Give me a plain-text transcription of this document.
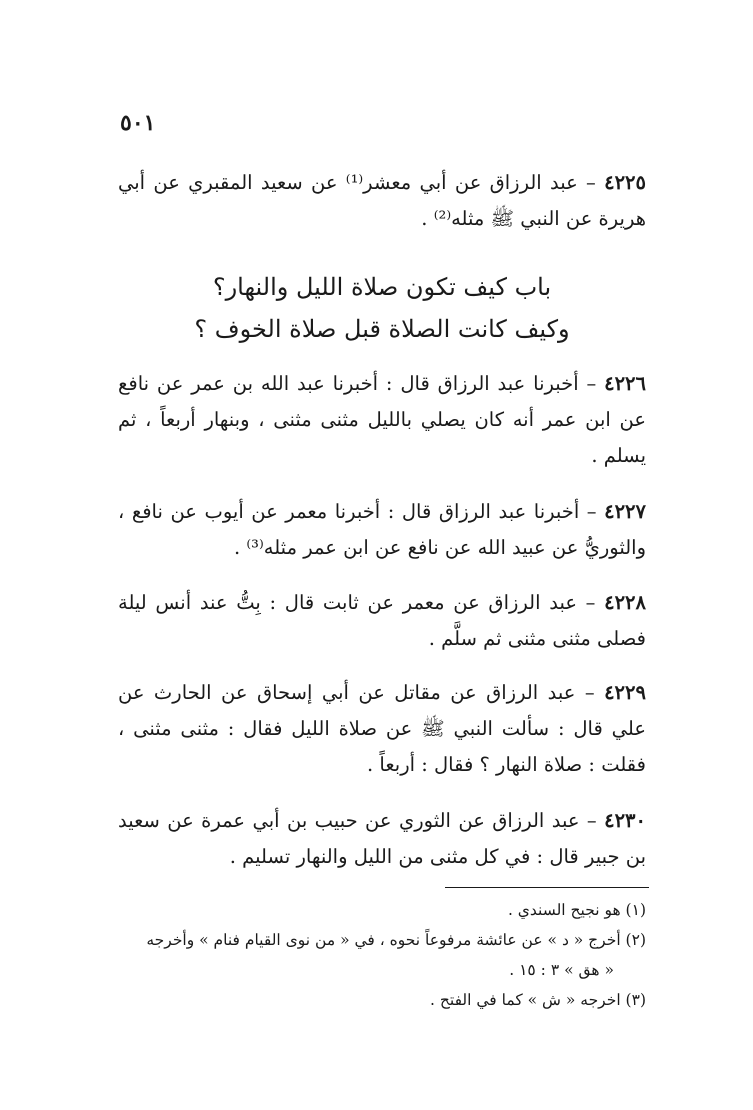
٥٠١
٤٢٢٥ – عبد الرزاق عن أبي معشر⁽¹⁾ عن سعيد المقبري عن أبي هريرة عن النبي ﷺ مثله⁽²⁾ .
باب كيف تكون صلاة الليل والنهار؟
وكيف كانت الصلاة قبل صلاة الخوف ؟
٤٢٢٦ – أخبرنا عبد الرزاق قال : أخبرنا عبد الله بن عمر عن نافع عن ابن عمر أنه كان يصلي بالليل مثنى مثنى ، وبنهار أربعاً ، ثم يسلم .
٤٢٢٧ – أخبرنا عبد الرزاق قال : أخبرنا معمر عن أيوب عن نافع ، والثوريُّ عن عبيد الله عن نافع عن ابن عمر مثله⁽³⁾ .
٤٢٢٨ – عبد الرزاق عن معمر عن ثابت قال : بِتُّ عند أنس ليلة فصلى مثنى مثنى ثم سلَّم .
٤٢٢٩ – عبد الرزاق عن مقاتل عن أبي إسحاق عن الحارث عن علي قال : سألت النبي ﷺ عن صلاة الليل فقال : مثنى مثنى ، فقلت : صلاة النهار ؟ فقال : أربعاً .
٤٢٣٠ – عبد الرزاق عن الثوري عن حبيب بن أبي عمرة عن سعيد بن جبير قال : في كل مثنى من الليل والنهار تسليم .
(١) هو نجيح السندي .
(٢) أخرج « د » عن عائشة مرفوعاً نحوه ، في « من نوى القيام فنام » وأخرجه
« هق » ٣ : ١٥ .
(٣) اخرجه « ش » كما في الفتح .
